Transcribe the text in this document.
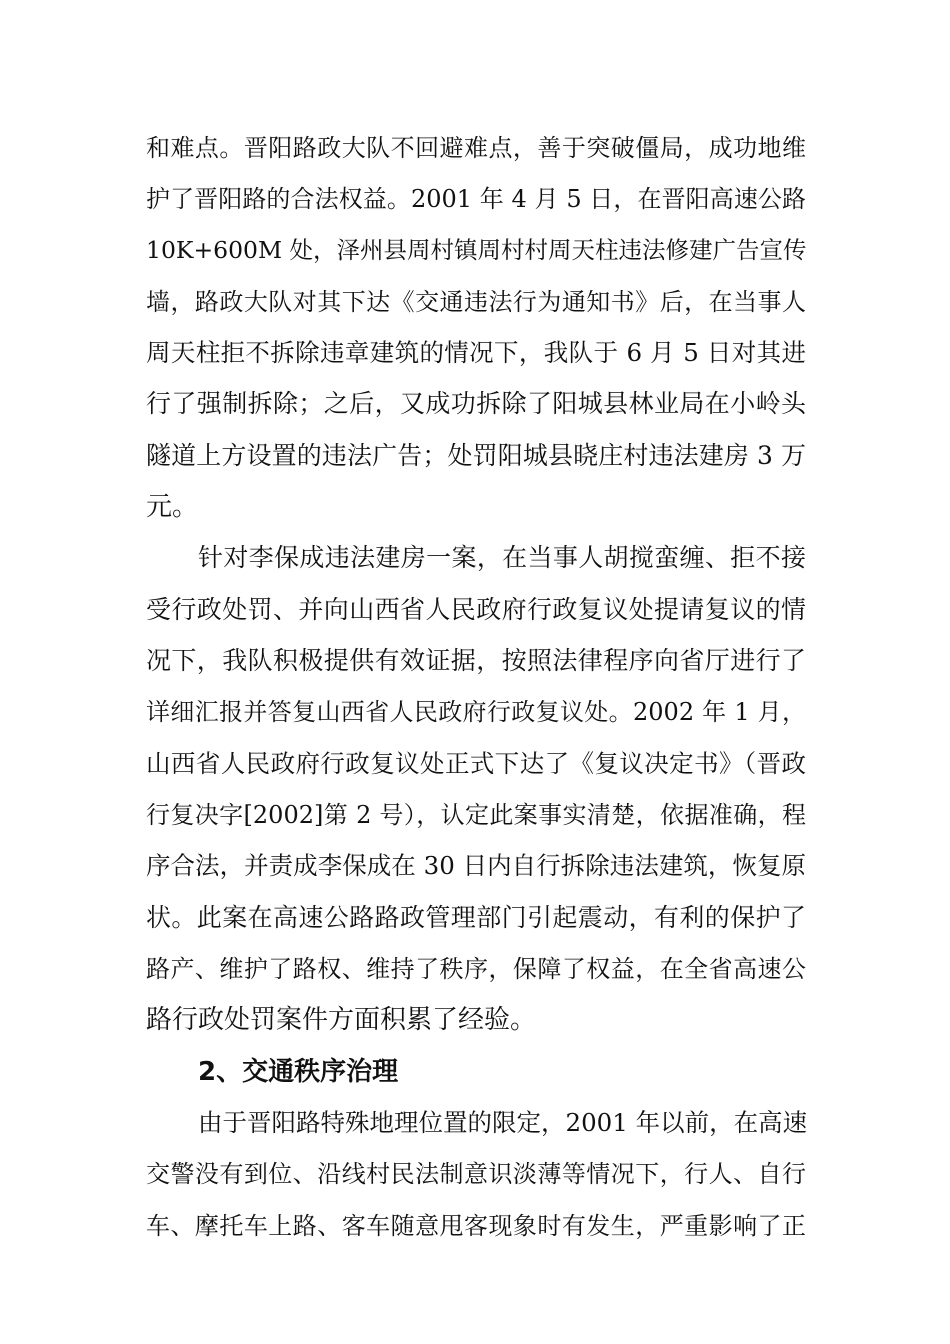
和难点。晋阳路政大队不回避难点，善于突破僵局，成功地维
护了晋阳路的合法权益。2001 年 4 月 5 日，在晋阳高速公路
10K+600M 处，泽州县周村镇周村村周天柱违法修建广告宣传
墙，路政大队对其下达《交通违法行为通知书》后，在当事人
周天柱拒不拆除违章建筑的情况下，我队于 6 月 5 日对其进
行了强制拆除；之后，又成功拆除了阳城县林业局在小岭头
隧道上方设置的违法广告；处罚阳城县晓庄村违法建房 3 万
元。
针对李保成违法建房一案，在当事人胡搅蛮缠、拒不接
受行政处罚、并向山西省人民政府行政复议处提请复议的情
况下，我队积极提供有效证据，按照法律程序向省厅进行了
详细汇报并答复山西省人民政府行政复议处。2002 年 1 月，
山西省人民政府行政复议处正式下达了《复议决定书》（晋政
行复决字[2002]第 2 号），认定此案事实清楚，依据准确，程
序合法，并责成李保成在 30 日内自行拆除违法建筑，恢复原
状。此案在高速公路路政管理部门引起震动，有利的保护了
路产、维护了路权、维持了秩序，保障了权益，在全省高速公
路行政处罚案件方面积累了经验。
2、交通秩序治理
由于晋阳路特殊地理位置的限定，2001 年以前，在高速
交警没有到位、沿线村民法制意识淡薄等情况下，行人、自行
车、摩托车上路、客车随意甩客现象时有发生，严重影响了正
